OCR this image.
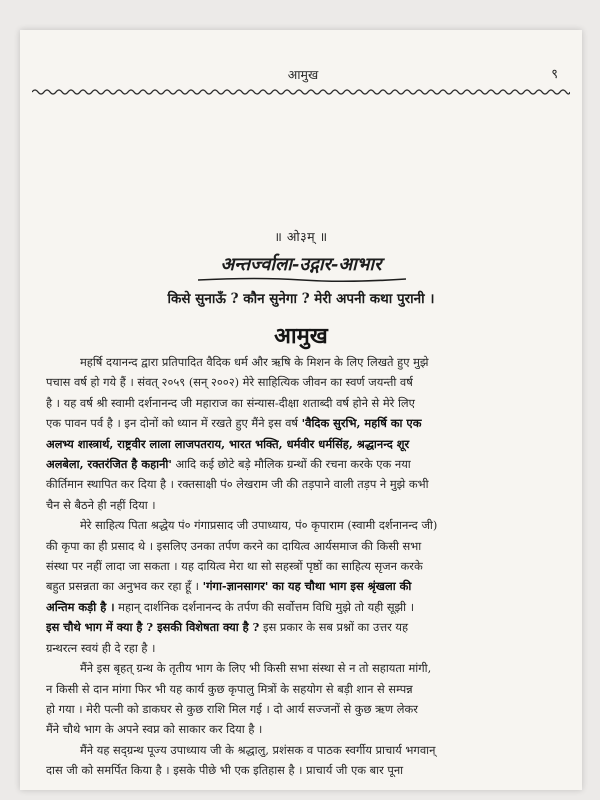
आमुख	९
॥ ओ३म् ॥
अन्तर्ज्वाला-उद्गार-आभार
किसे सुनाऊँ ? कौन सुनेगा ? मेरी अपनी कथा पुरानी ।
आमुख
महर्षि दयानन्द द्वारा प्रतिपादित वैदिक धर्म और ऋषि के मिशन के लिए लिखते हुए मुझे
पचास वर्ष हो गये हैं । संवत् २०५९ (सन् २००२) मेरे साहित्यिक जीवन का स्वर्ण जयन्ती वर्ष
है । यह वर्ष श्री स्वामी दर्शनानन्द जी महाराज का संन्यास-दीक्षा शताब्दी वर्ष होने से मेरे लिए
एक पावन पर्व है । इन दोनों को ध्यान में रखते हुए मैंने इस वर्ष 'वैदिक सुरभि, महर्षि का एक
अलभ्य शास्त्रार्थ, राष्ट्रवीर लाला लाजपतराय, भारत भक्ति, धर्मवीर धर्मसिंह, श्रद्धानन्द शूर
अलबेला, रक्तरंजित है कहानी' आदि कई छोटे बड़े मौलिक ग्रन्थों की रचना करके एक नया
कीर्तिमान स्थापित कर दिया है । रक्तसाक्षी पं० लेखराम जी की तड़पाने वाली तड़प ने मुझे कभी
चैन से बैठने ही नहीं दिया ।
मेरे साहित्य पिता श्रद्धेय पं० गंगाप्रसाद जी उपाध्याय, पं० कृपाराम (स्वामी दर्शनानन्द जी)
की कृपा का ही प्रसाद थे । इसलिए उनका तर्पण करने का दायित्व आर्यसमाज की किसी सभा
संस्था पर नहीं लादा जा सकता । यह दायित्व मेरा था सो सहस्त्रों पृष्ठों का साहित्य सृजन करके
बहुत प्रसन्नता का अनुभव कर रहा हूँ । 'गंगा-ज्ञानसागर' का यह चौथा भाग इस श्रृंखला की
अन्तिम कड़ी है । महान् दार्शनिक दर्शनानन्द के तर्पण की सर्वोत्तम विधि मुझे तो यही सूझी ।
इस चौथे भाग में क्या है ? इसकी विशेषता क्या है ? इस प्रकार के सब प्रश्नों का उत्तर यह
ग्रन्थरत्न स्वयं ही दे रहा है ।
मैंने इस बृहत् ग्रन्थ के तृतीय भाग के लिए भी किसी सभा संस्था से न तो सहायता मांगी,
न किसी से दान मांगा फिर भी यह कार्य कुछ कृपालु मित्रों के सहयोग से बड़ी शान से सम्पन्न
हो गया । मेरी पत्नी को डाकघर से कुछ राशि मिल गई । दो आर्य सज्जनों से कुछ ऋण लेकर
मैंने चौथे भाग के अपने स्वप्न को साकार कर दिया है ।
मैंने यह सद्ग्रन्थ पूज्य उपाध्याय जी के श्रद्धालु, प्रशंसक व पाठक स्वर्गीय प्राचार्य भगवान्
दास जी को समर्पित किया है । इसके पीछे भी एक इतिहास है । प्राचार्य जी एक बार पूना
